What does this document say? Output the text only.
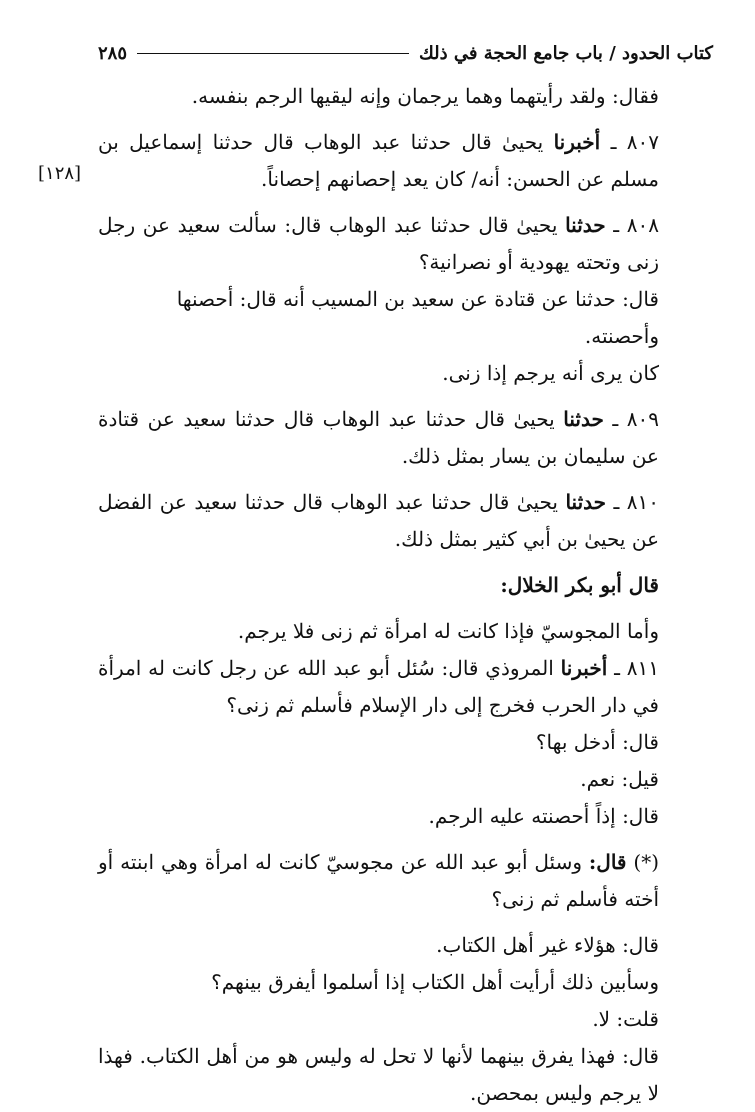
كتاب الحدود / باب جامع الحجة في ذلك
٢٨٥
[١٢٨]

فقال: ولقد رأيتهما وهما يرجمان وإنه ليقيها الرجم بنفسه.

٨٠٧ ـ أخبرنا يحيىٰ قال حدثنا عبد الوهاب قال حدثنا إسماعيل بن مسلم عن الحسن: أنه/ كان يعد إحصانهم إحصاناً.

٨٠٨ ـ حدثنا يحيىٰ قال حدثنا عبد الوهاب قال: سألت سعيد عن رجل زنى وتحته يهودية أو نصرانية؟

قال: حدثنا عن قتادة عن سعيد بن المسيب أنه قال: أحصنها وأحصنته.

كان يرى أنه يرجم إذا زنى.

٨٠٩ ـ حدثنا يحيىٰ قال حدثنا عبد الوهاب قال حدثنا سعيد عن قتادة عن سليمان بن يسار بمثل ذلك.

٨١٠ ـ حدثنا يحيىٰ قال حدثنا عبد الوهاب قال حدثنا سعيد عن الفضل عن يحيىٰ بن أبي كثير بمثل ذلك.

قال أبو بكر الخلال:

وأما المجوسيّ فإذا كانت له امرأة ثم زنى فلا يرجم.

٨١١ ـ أخبرنا المروذي قال: سُئل أبو عبد الله عن رجل كانت له امرأة في دار الحرب فخرج إلى دار الإسلام فأسلم ثم زنى؟

قال: أدخل بها؟

قيل: نعم.

قال: إذاً أحصنته عليه الرجم.

(*) قال: وسئل أبو عبد الله عن مجوسيّ كانت له امرأة وهي ابنته أو أخته فأسلم ثم زنى؟

قال: هؤلاء غير أهل الكتاب.

وسأبين ذلك أرأيت أهل الكتاب إذا أسلموا أيفرق بينهم؟

قلت: لا.

قال: فهذا يفرق بينهما لأنها لا تحل له وليس هو من أهل الكتاب. فهذا لا يرجم وليس بمحصن.
